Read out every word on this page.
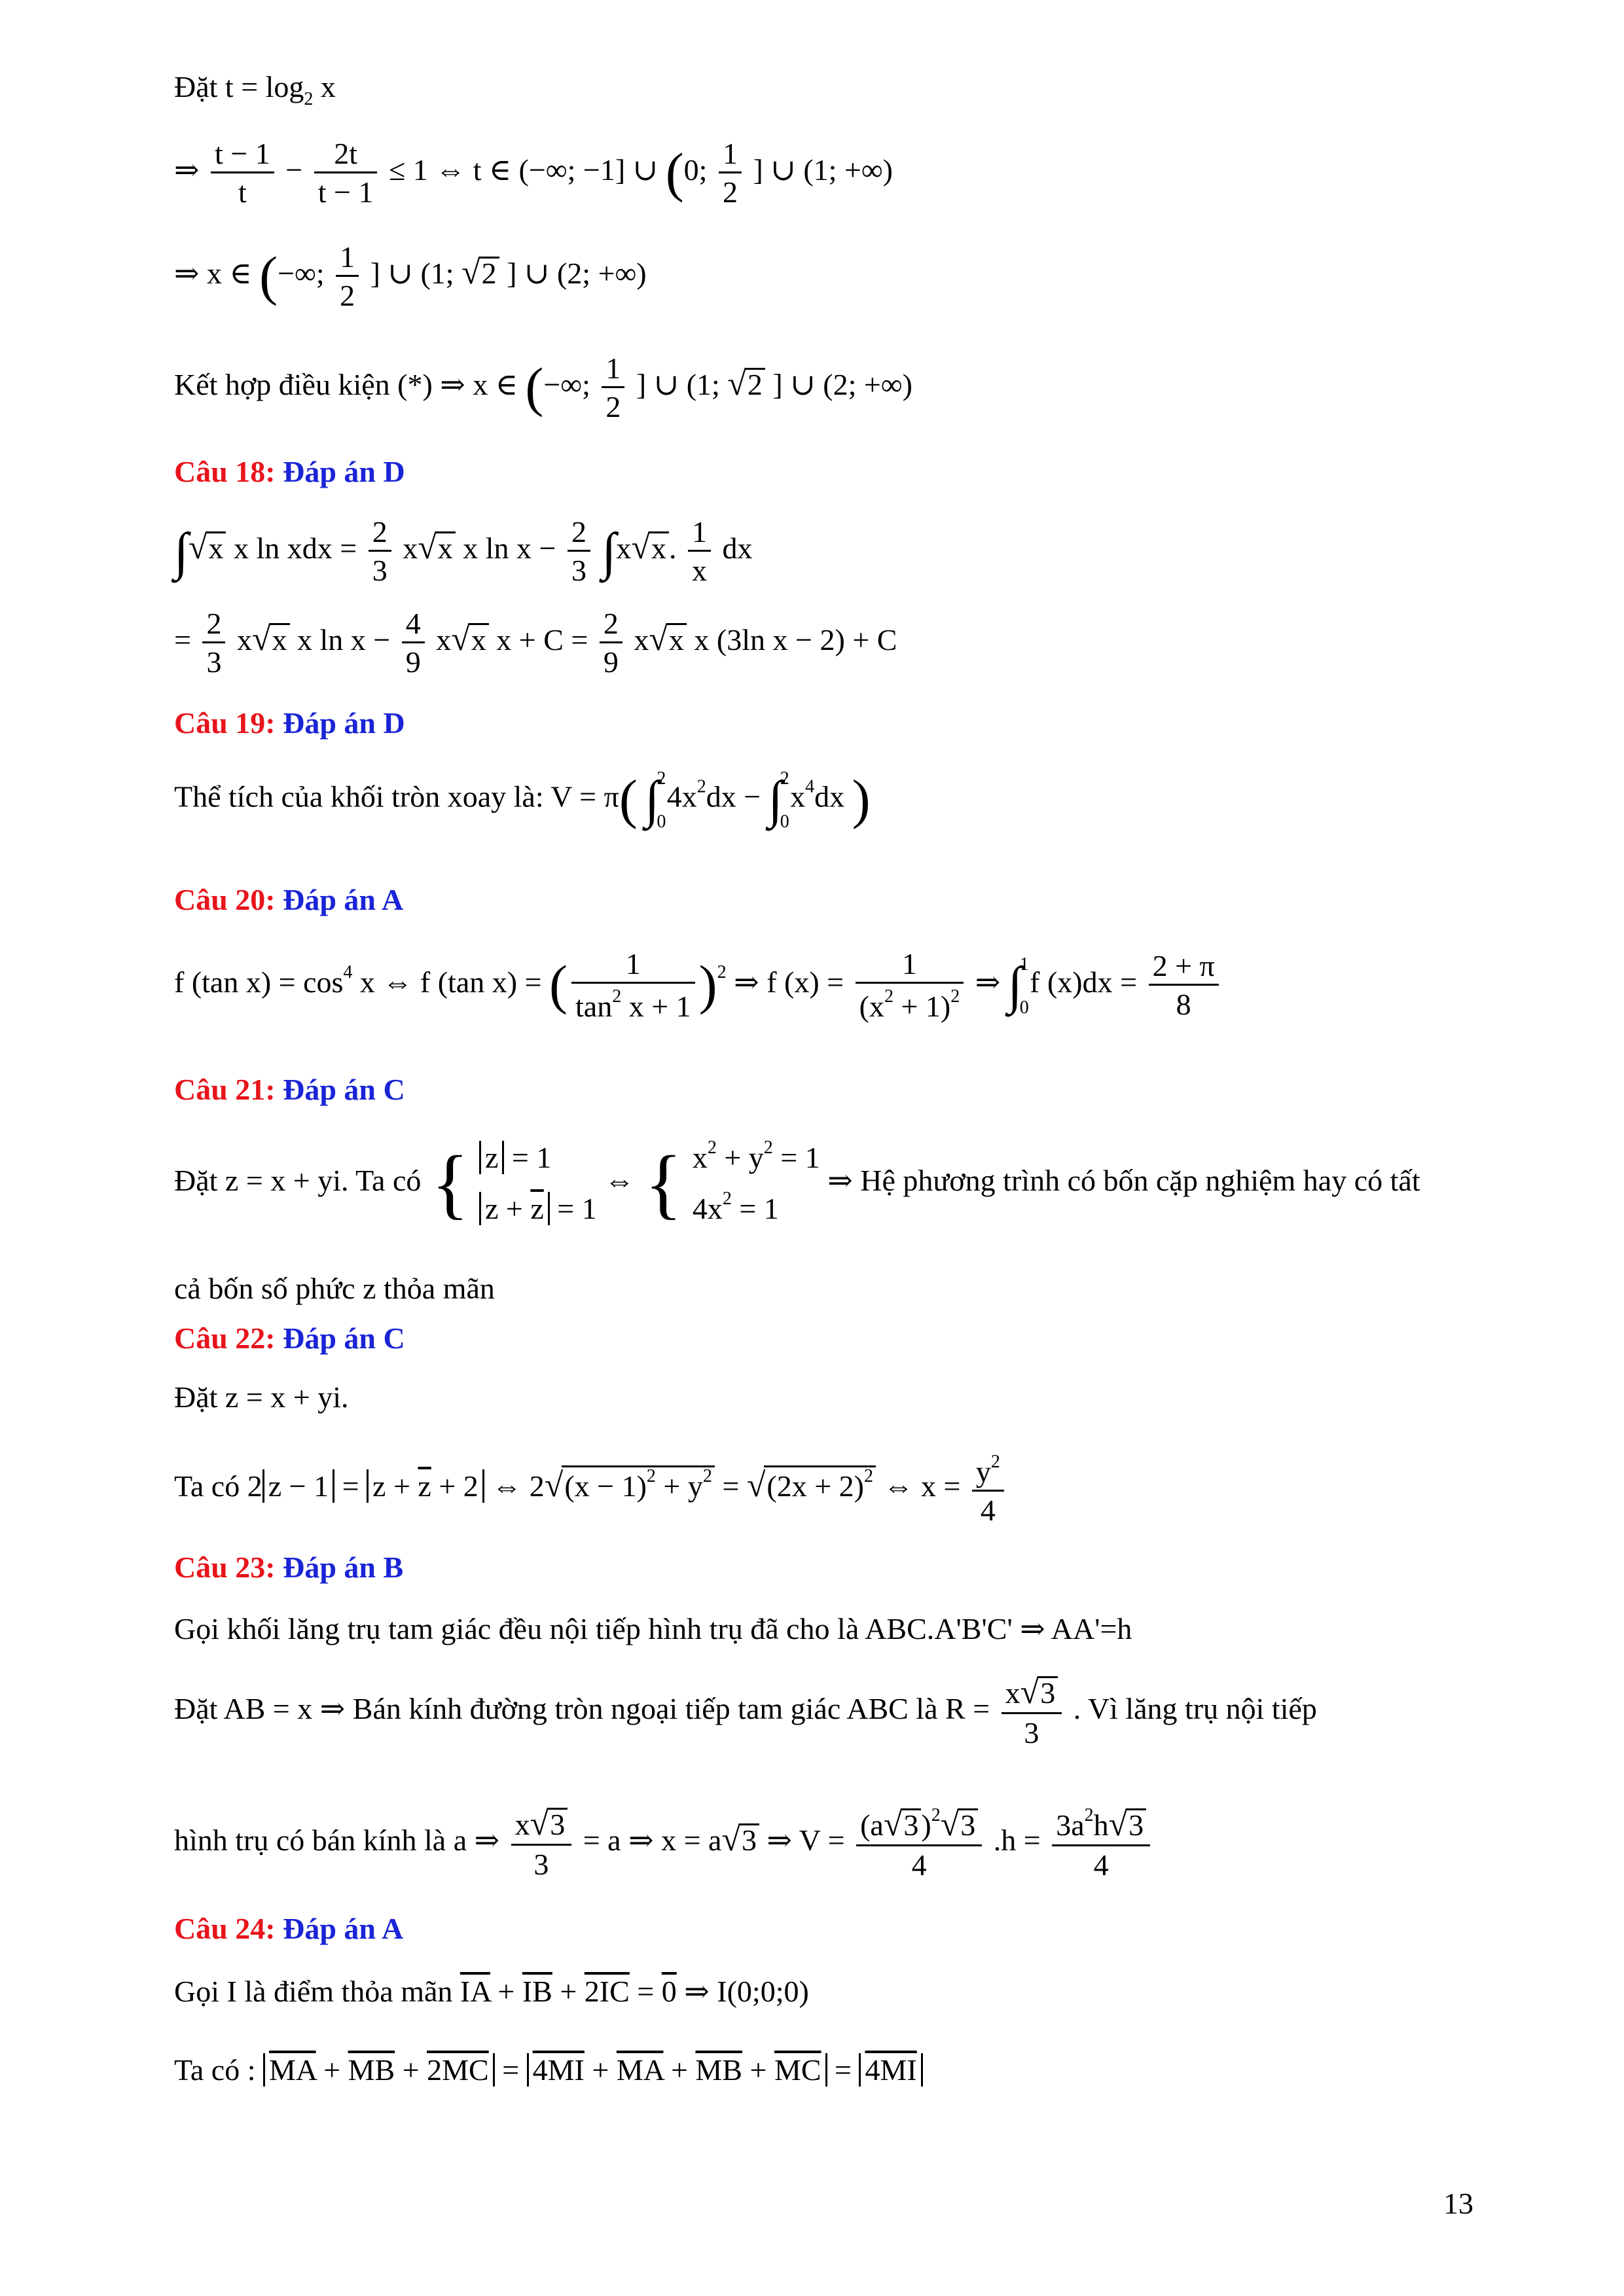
Đặt $t = \log_2 x$
⇒ $\frac{t - 1}{t} - \frac{2t}{t - 1} \le 1$ ⇔ t ∈ (−∞; −1] ∪ (0; $\frac{1}{2}$ ] ∪ (1; +∞)
⇒ x ∈ (−∞; $\frac{1}{2}$ ] ∪ (1; √2 ] ∪ (2; +∞)
Kết hợp điều kiện (*) ⇒ x ∈ (−∞; $\frac{1}{2}$ ] ∪ (1; √2 ] ∪ (2; +∞)
Câu 18: Đáp án D
∫√x x ln xdx = $\frac{2}{3} x√x$ x $\ln x - \frac{2}{3} \int x√x$. $\frac{1}{x}$ dx
= $\frac{2}{3} x√x$ x $\ln x - \frac{4}{9} x√x$ $x + C = \frac{2}{9} x√x$ x (3ln x − 2) + C
Câu 19: Đáp án D
Thể tích của khối tròn xoay là: V = π( ∫
2
0
$4x^2dx$ − ∫
2
0
$x^4dx$ )
Câu 20: Đáp án A
f (tan $x) = \cos^4 x$ ⇔ f (tan x) = ( $\frac{1}{\tan^2 x + 1} )^2$ ⇒ f $(x) = \frac{1}{(x^2 + 1)^2}$ ⇒ ∫
1
0
f $(x)dx = \frac{2 + \pi}{8}$
Câu 21: Đáp án C
Đặt z = x + yi. Ta có { z = 1
$z + \overline{z} = 1$
⇔ { $x^2 + y^2 = 1$
$4x^2 = 1$
⇒ Hệ phương trình có bốn cặp nghiệm hay có tất
cả bốn số phức z thỏa mãn
Câu 22: Đáp án C
Đặt z = x + yi.
Ta có 2 $z - 1 = z + \overline{z} + 2$ ⇔ $2√(x - 1)^2 + y^2 = √(2x + 2)^2$ ⇔ $x = \frac{y^2}{4}$
Câu 23: Đáp án B
Gọi khối lăng trụ tam giác đều nội tiếp hình trụ đã cho là ABC.A'B'C' ⇒ AA'=h
Đặt AB = x ⇒ Bán kính đường tròn ngoại tiếp tam giác ABC là $R = \frac{x√3}{3}$ . Vì lăng trụ nội tiếp
hình trụ có bán kính là a ⇒ $\frac{x√3}{3} = a$ ⇒ x = a√3 ⇒ $V = \frac{(a√3)^2√3}{4} .h = \frac{3a^2h√3}{4}$
Câu 24: Đáp án A
Gọi I là điểm thỏa mãn $\overline{IA} + \overline{IB} + 2IC = 0$ ⇒ I(0;0;0)
Ta có : $\overline{MA} + \overline{MB} + 2MC = 4MI + \overline{MA} + \overline{MB} + \overline{MC} = 4MI$
13
